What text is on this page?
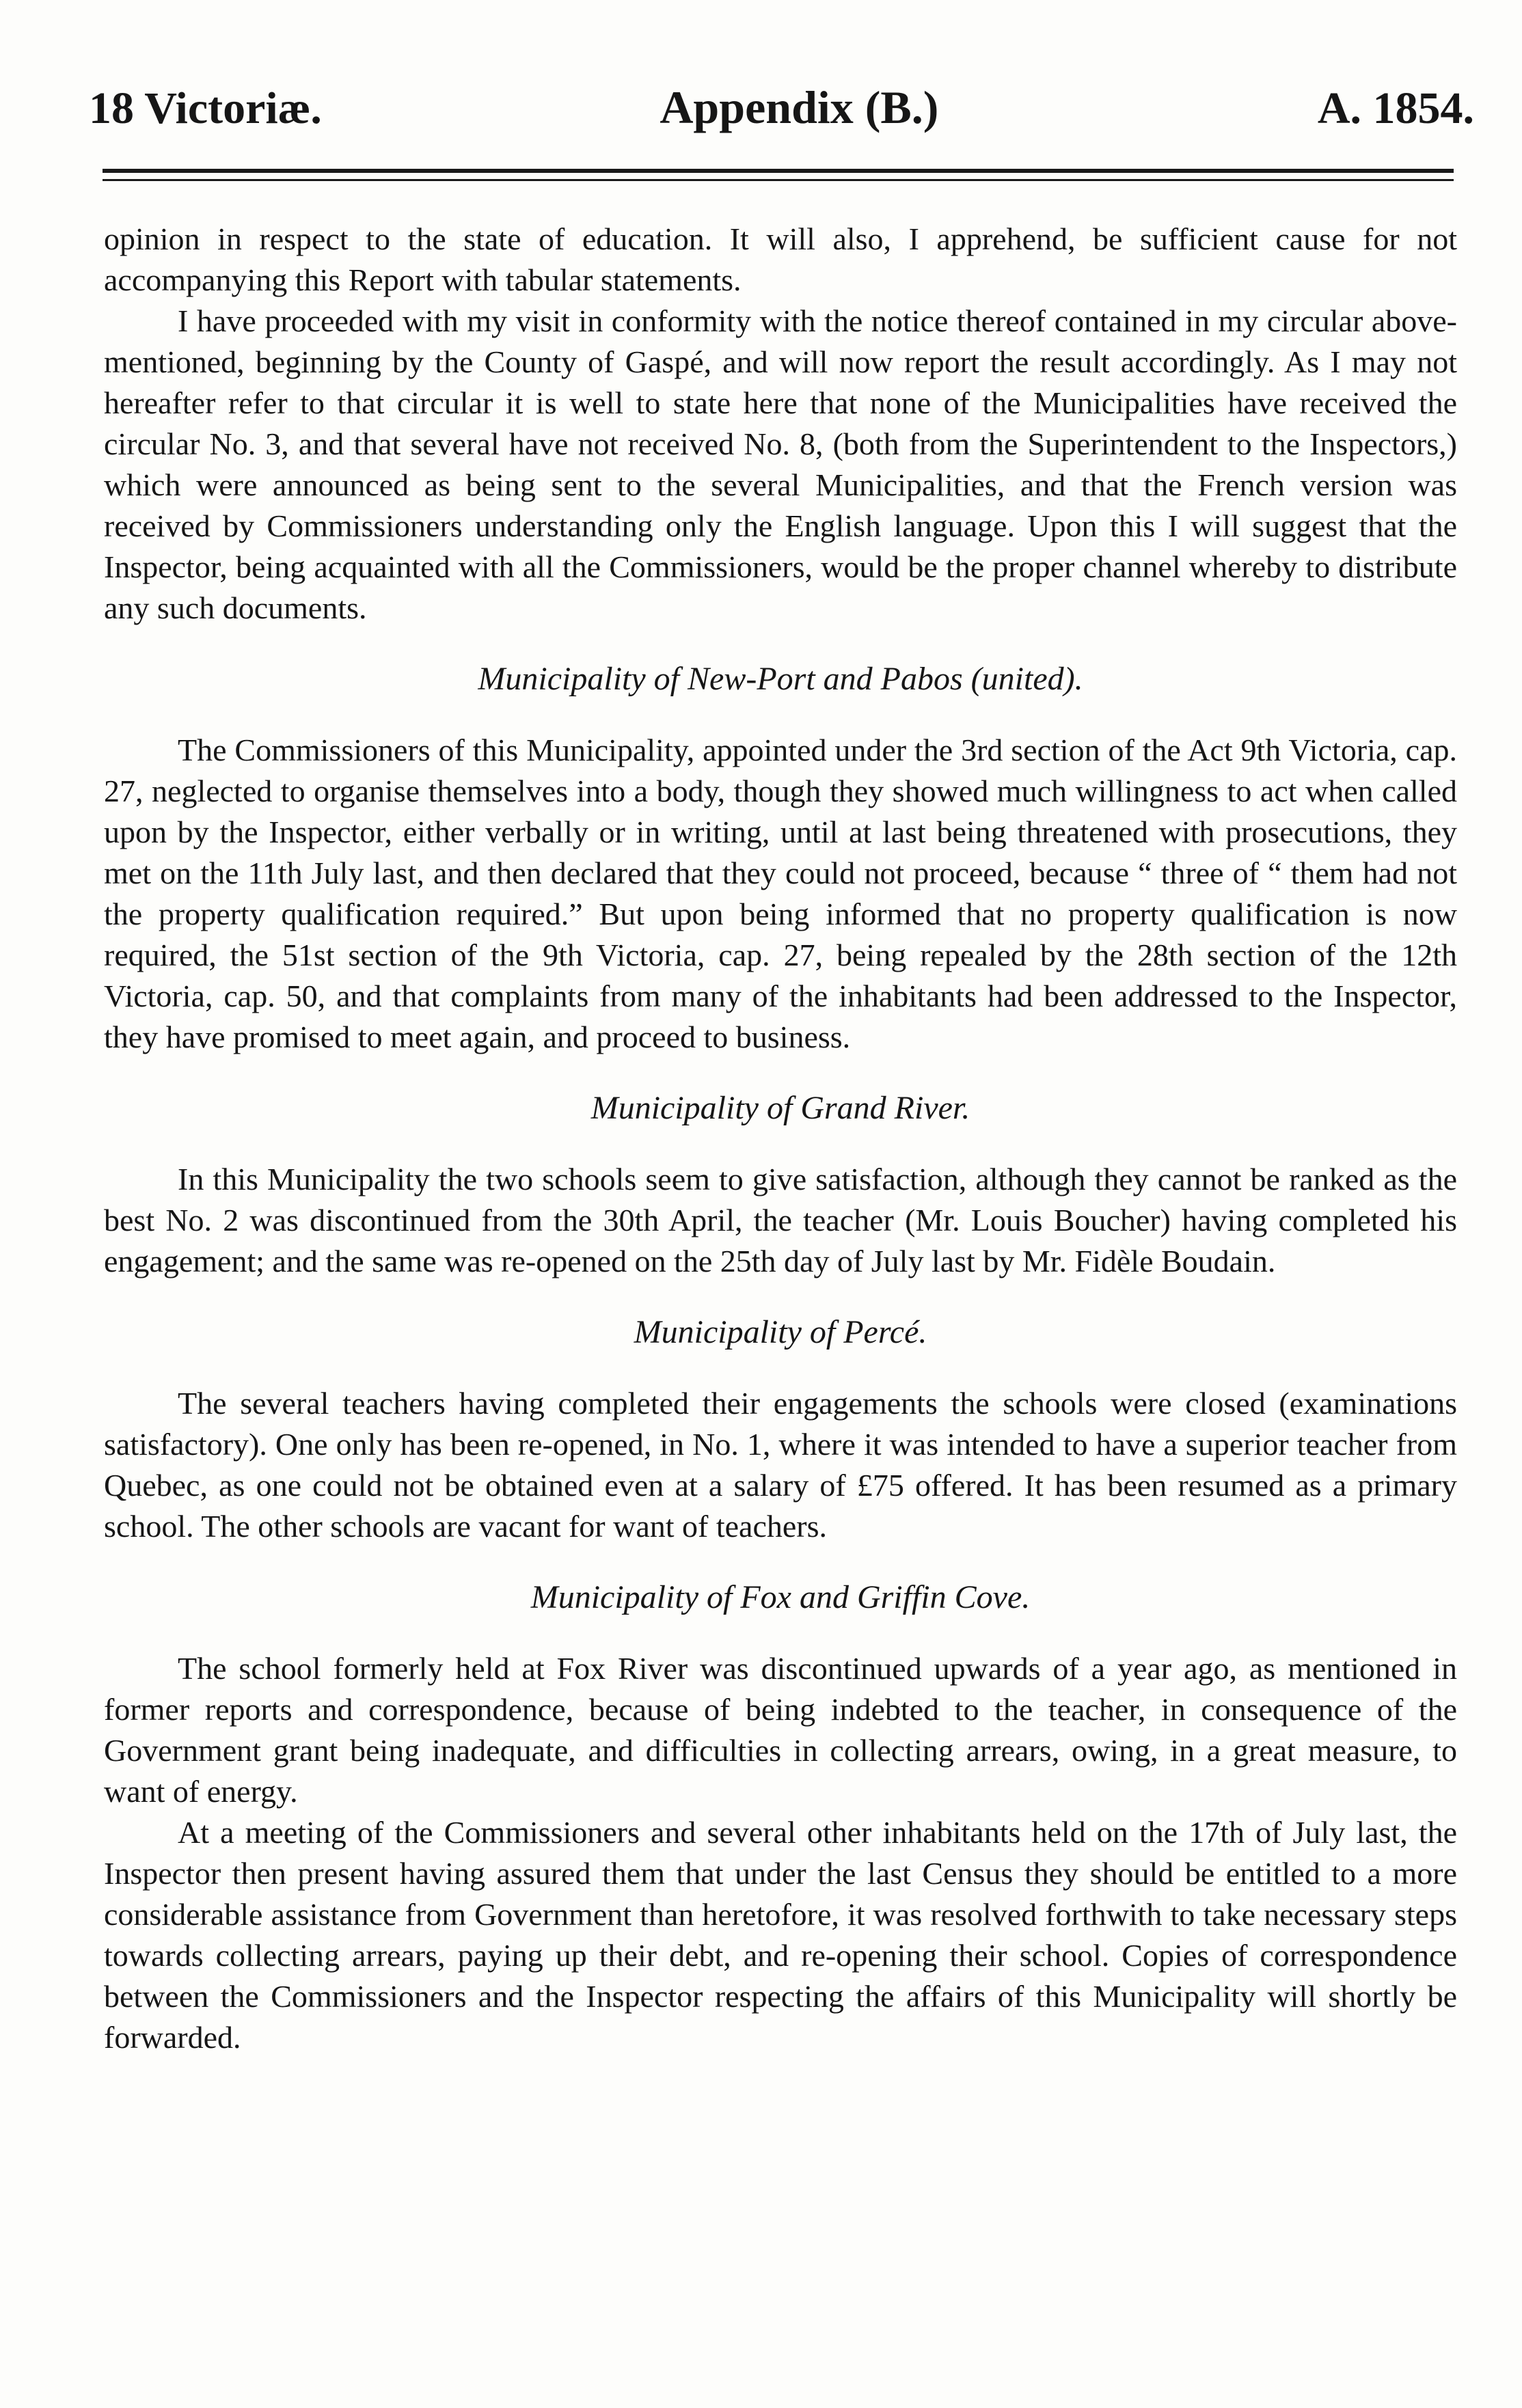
18 Victoriæ.	Appendix (B.)	A. 1854.

opinion in respect to the state of education. It will also, I apprehend, be sufficient cause for not accompanying this Report with tabular statements.

I have proceeded with my visit in conformity with the notice thereof contained in my circular above-mentioned, beginning by the County of Gaspé, and will now report the result accordingly. As I may not hereafter refer to that circular it is well to state here that none of the Municipalities have received the circular No. 3, and that several have not received No. 8, (both from the Superintendent to the Inspectors,) which were announced as being sent to the several Municipalities, and that the French version was received by Commissioners understanding only the English language. Upon this I will suggest that the Inspector, being acquainted with all the Commissioners, would be the proper channel whereby to distribute any such documents.

Municipality of New-Port and Pabos (united).

The Commissioners of this Municipality, appointed under the 3rd section of the Act 9th Victoria, cap. 27, neglected to organise themselves into a body, though they showed much willingness to act when called upon by the Inspector, either verbally or in writing, until at last being threatened with prosecutions, they met on the 11th July last, and then declared that they could not proceed, because “ three of “ them had not the property qualification required.” But upon being informed that no property qualification is now required, the 51st section of the 9th Victoria, cap. 27, being repealed by the 28th section of the 12th Victoria, cap. 50, and that complaints from many of the inhabitants had been addressed to the Inspector, they have promised to meet again, and proceed to business.

Municipality of Grand River.

In this Municipality the two schools seem to give satisfaction, although they cannot be ranked as the best No. 2 was discontinued from the 30th April, the teacher (Mr. Louis Boucher) having completed his engagement; and the same was re-opened on the 25th day of July last by Mr. Fidèle Boudain.

Municipality of Percé.

The several teachers having completed their engagements the schools were closed (examinations satisfactory). One only has been re-opened, in No. 1, where it was intended to have a superior teacher from Quebec, as one could not be obtained even at a salary of £75 offered. It has been resumed as a primary school. The other schools are vacant for want of teachers.

Municipality of Fox and Griffin Cove.

The school formerly held at Fox River was discontinued upwards of a year ago, as mentioned in former reports and correspondence, because of being indebted to the teacher, in consequence of the Government grant being inadequate, and difficulties in collecting arrears, owing, in a great measure, to want of energy.

At a meeting of the Commissioners and several other inhabitants held on the 17th of July last, the Inspector then present having assured them that under the last Census they should be entitled to a more considerable assistance from Government than heretofore, it was resolved forthwith to take necessary steps towards collecting arrears, paying up their debt, and re-opening their school. Copies of correspondence between the Commissioners and the Inspector respecting the affairs of this Municipality will shortly be forwarded.
